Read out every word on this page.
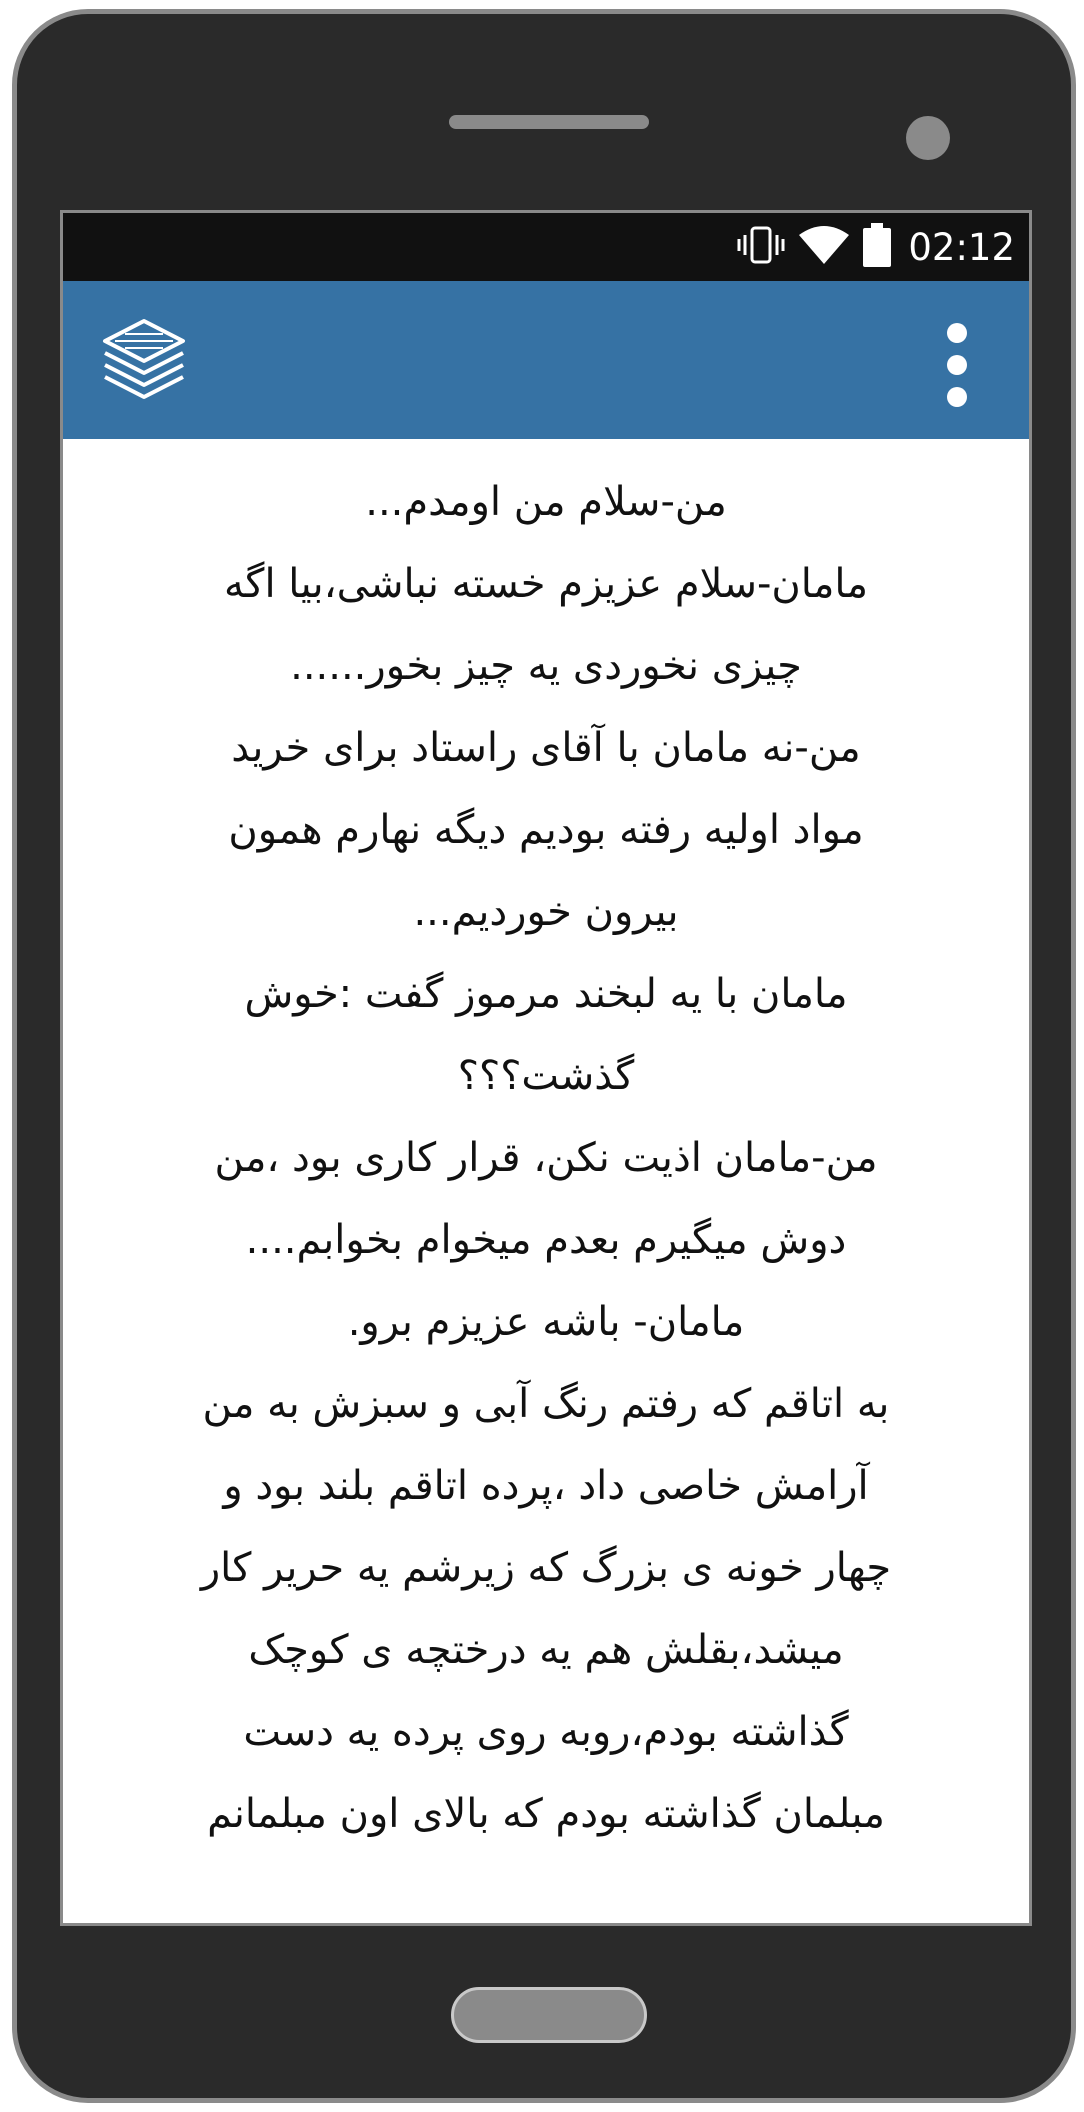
02:12
من-سلام من اومدم...
مامان-سلام عزیزم خسته نباشی،بیا اگه
چیزی نخوردی یه چیز بخور......
من-نه مامان با آقای راستاد برای خرید
مواد اولیه رفته بودیم دیگه نهارم همون
بیرون خوردیم...
مامان با یه لبخند مرموز گفت :خوش
گذشت؟؟؟
من-مامان اذیت نکن، قرار کاری بود ،من
دوش میگیرم بعدم میخوام بخوابم....
مامان- باشه عزیزم برو.
به اتاقم که رفتم رنگ آبی و سبزش به من
آرامش خاصی داد ،پرده اتاقم بلند بود و
چهار خونه ی بزرگ که زیرشم یه حریر کار
میشد،بقلش هم یه درختچه ی کوچک
گذاشته بودم،روبه روی پرده یه دست
مبلمان گذاشته بودم که بالای اون مبلمانم
